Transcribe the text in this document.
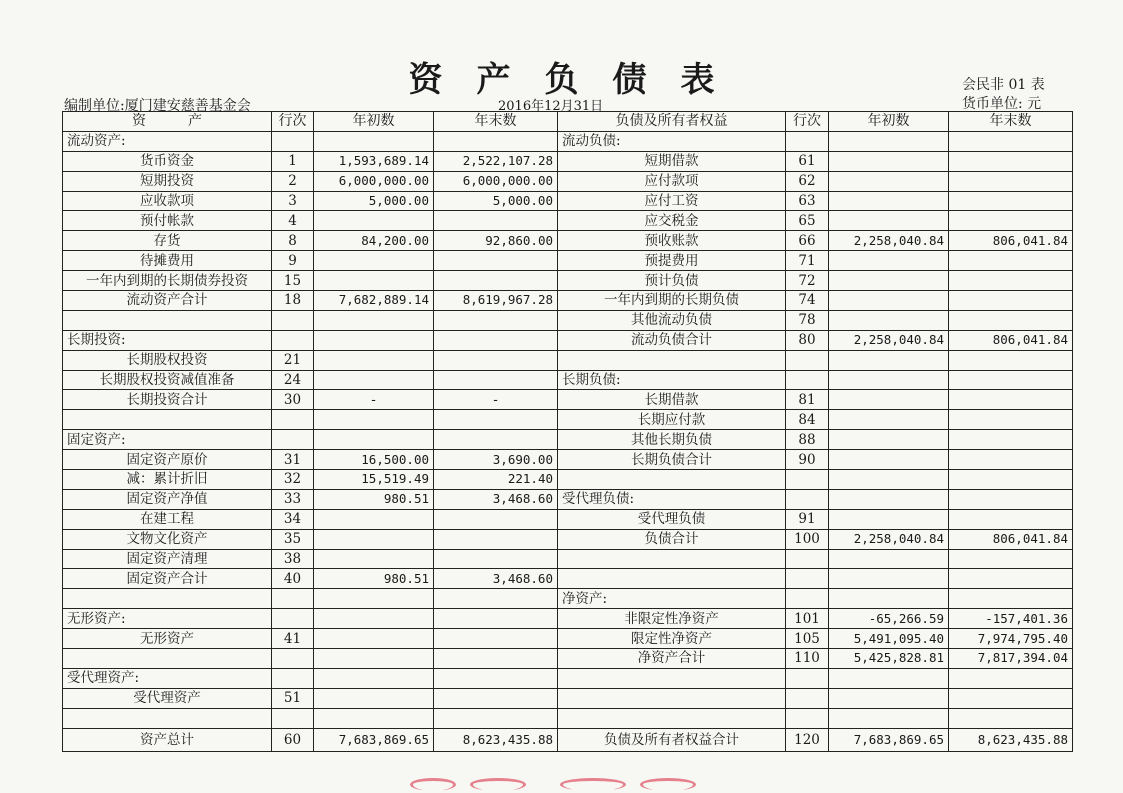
资产负债表	会民非 01 表
货币单位: 元
编制单位:厦门建安慈善基金会	2016年12月31日
资　　　产	行次	年初数	年末数	负债及所有者权益	行次	年初数	年末数
流动资产:				流动负债:			
货币资金	1	1,593,689.14	2,522,107.28	短期借款	61		
短期投资	2	6,000,000.00	6,000,000.00	应付款项	62		
应收款项	3	5,000.00	5,000.00	应付工资	63		
预付帐款	4			应交税金	65		
存货	8	84,200.00	92,860.00	预收账款	66	2,258,040.84	806,041.84
待摊费用	9			预提费用	71		
一年内到期的长期债券投资	15			预计负债	72		
流动资产合计	18	7,682,889.14	8,619,967.28	一年内到期的长期负债	74		
				其他流动负债	78		
长期投资:				流动负债合计	80	2,258,040.84	806,041.84
长期股权投资	21						
长期股权投资减值准备	24			长期负债:			
长期投资合计	30	-	-	长期借款	81		
				长期应付款	84		
固定资产:				其他长期负债	88		
固定资产原价	31	16,500.00	3,690.00	长期负债合计	90		
减：累计折旧	32	15,519.49	221.40				
固定资产净值	33	980.51	3,468.60	受代理负债:			
在建工程	34			受代理负债	91		
文物文化资产	35			负债合计	100	2,258,040.84	806,041.84
固定资产清理	38						
固定资产合计	40	980.51	3,468.60				
				净资产:			
无形资产:				非限定性净资产	101	-65,266.59	-157,401.36
无形资产	41			限定性净资产	105	5,491,095.40	7,974,795.40
				净资产合计	110	5,425,828.81	7,817,394.04
受代理资产:							
受代理资产	51						

资产总计	60	7,683,869.65	8,623,435.88	负债及所有者权益合计	120	7,683,869.65	8,623,435.88
